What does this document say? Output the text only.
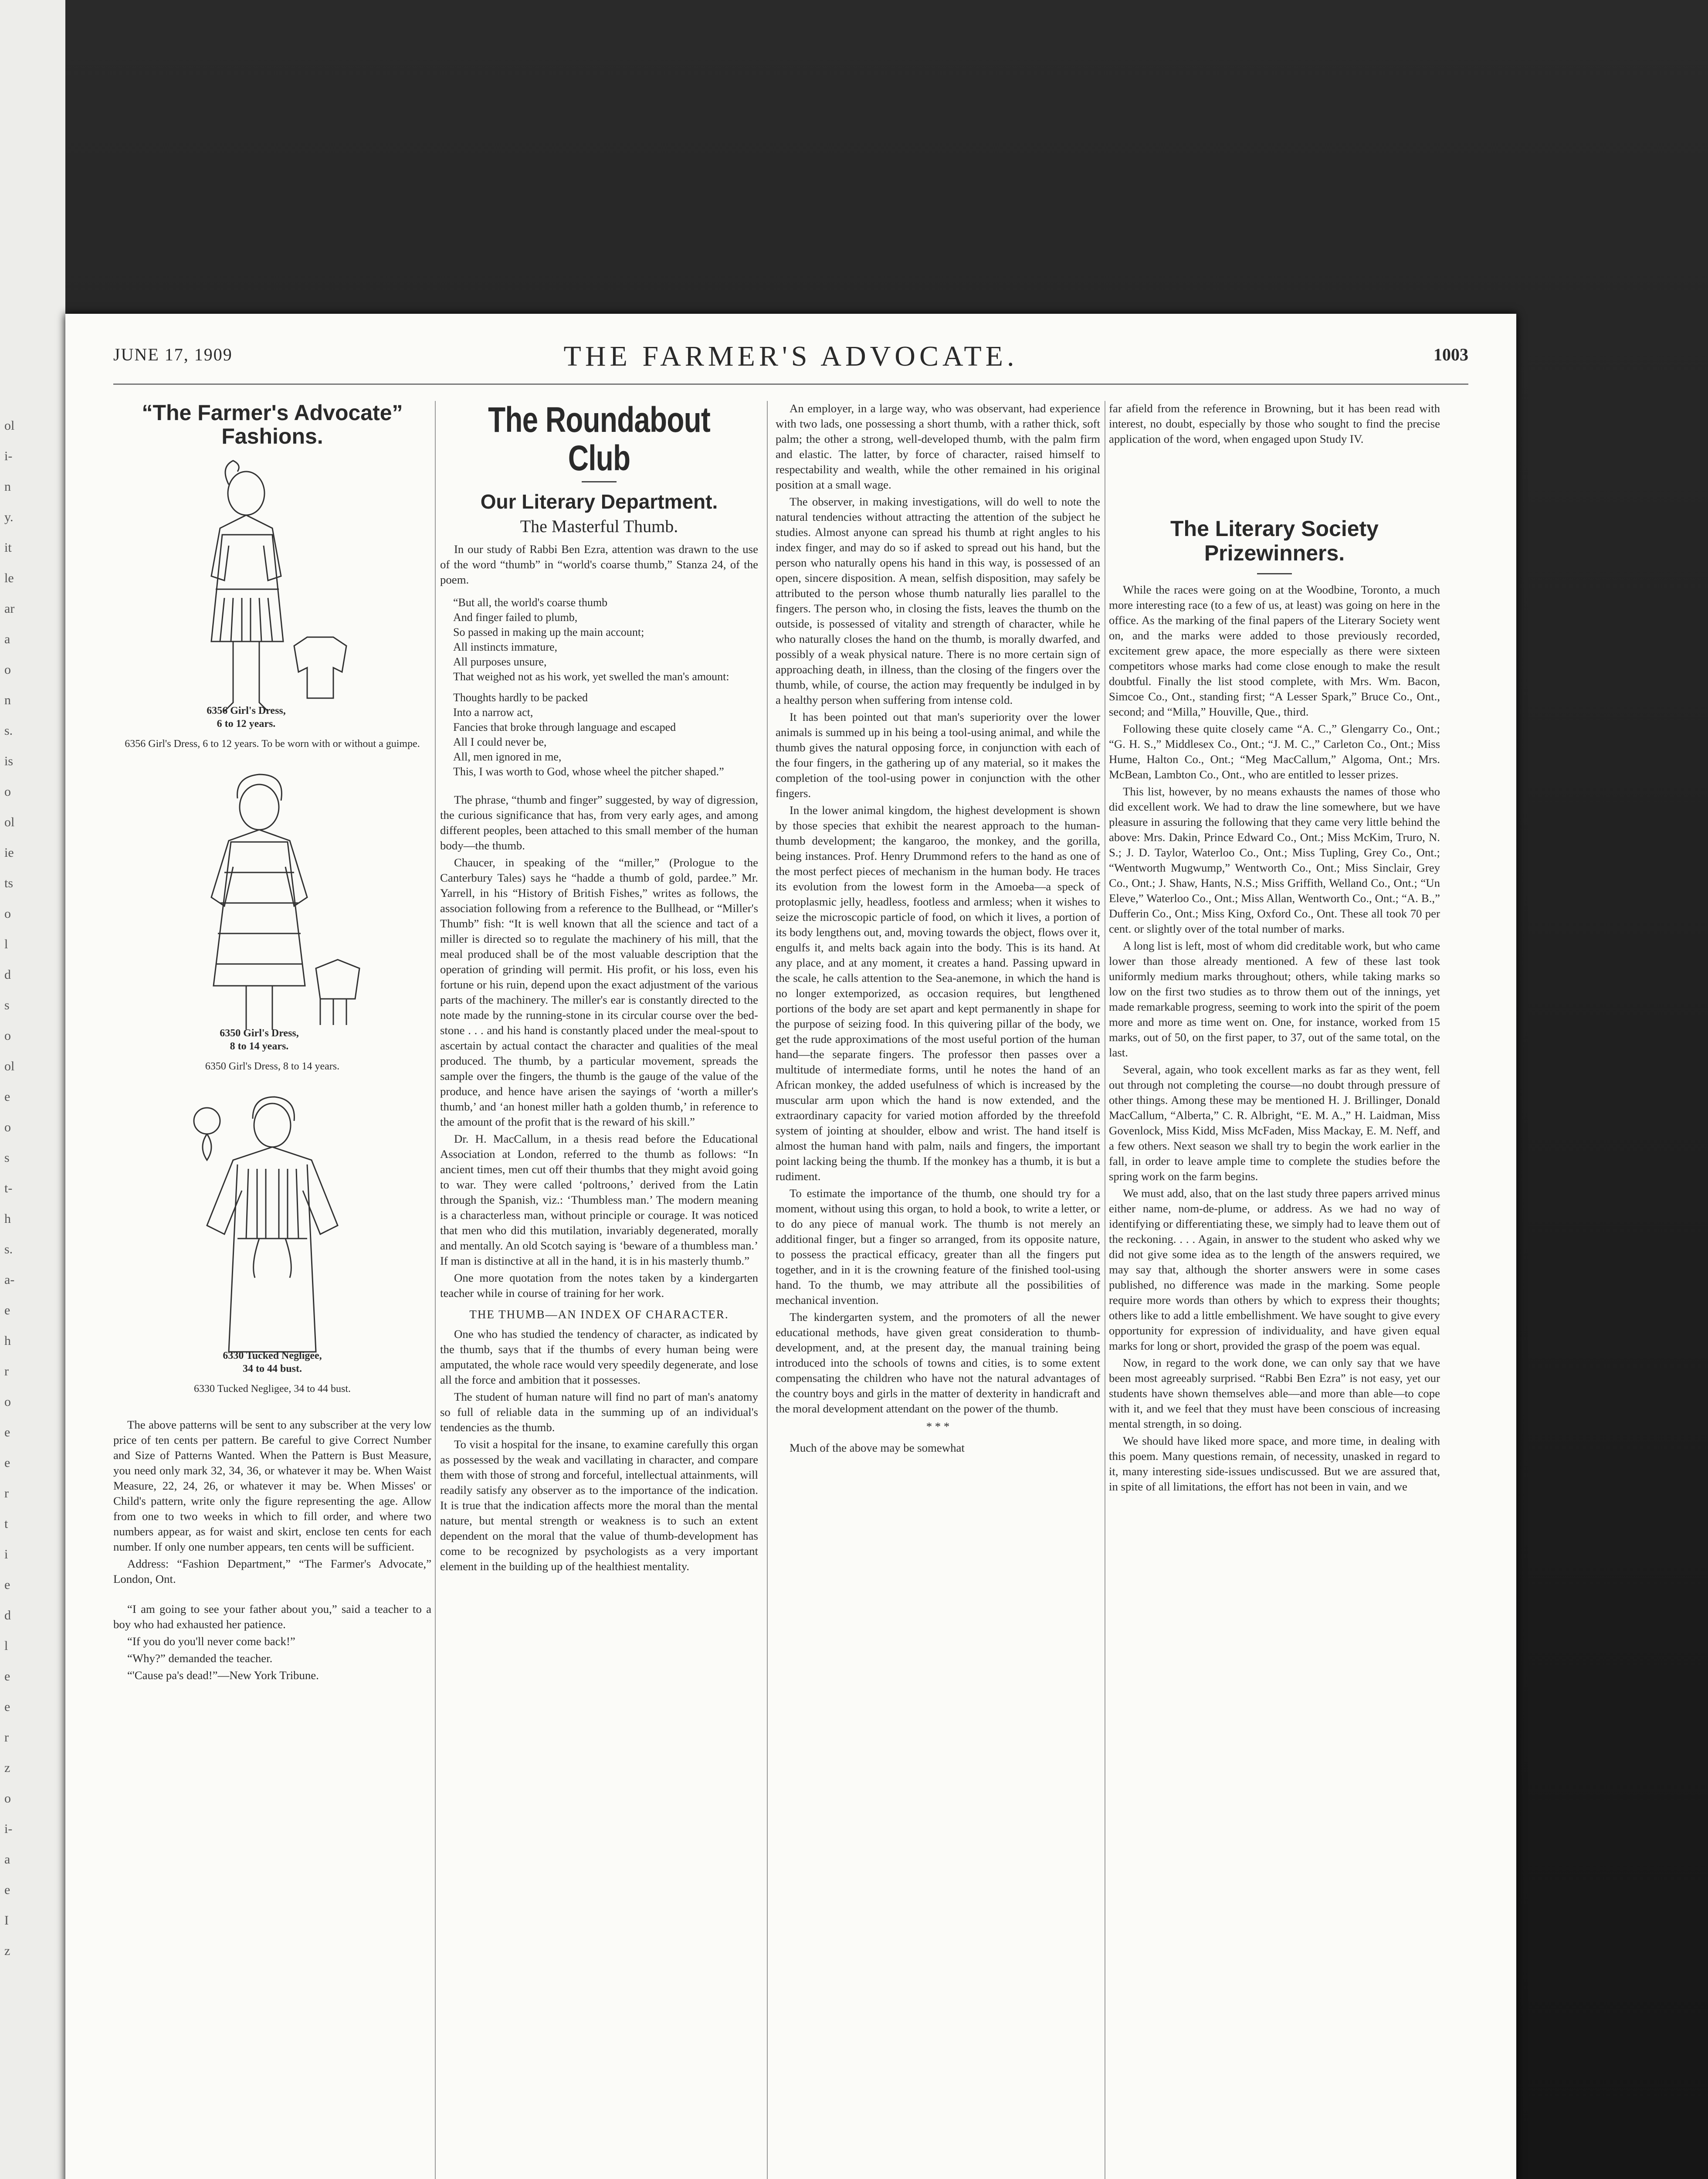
ol
i-
n
y.
it
le
ar
a
o
n
s.
is
o
ol
ie
ts
o
l
d
s
o
ol
e
o
s
t-
h
s.
a-
e
h
r
o
e
e
r
t
i
e
d
l
e
e
r
z
o
i-
a
e
I
z
JUNE 17, 1909	THE FARMER'S ADVOCATE.	1003
“The Farmer's Advocate” Fashions.
6356 Girl's Dress,
6 to 12 years.
6356 Girl's Dress, 6 to 12 years. To be worn with or without a guimpe.
6350 Girl's Dress,
8 to 14 years.
6350 Girl's Dress, 8 to 14 years.
6330 Tucked Negligee,
34 to 44 bust.
6330 Tucked Negligee, 34 to 44 bust.

The above patterns will be sent to any subscriber at the very low price of ten cents per pattern. Be careful to give Correct Number and Size of Patterns Wanted. When the Pattern is Bust Measure, you need only mark 32, 34, 36, or whatever it may be. When Waist Measure, 22, 24, 26, or whatever it may be. When Misses' or Child's pattern, write only the figure representing the age. Allow from one to two weeks in which to fill order, and where two numbers appear, as for waist and skirt, enclose ten cents for each number. If only one number appears, ten cents will be sufficient.

Address: “Fashion Department,” “The Farmer's Advocate,” London, Ont.

“I am going to see your father about you,” said a teacher to a boy who had exhausted her patience.

“If you do you'll never come back!”

“Why?” demanded the teacher.

“'Cause pa's dead!”—New York Tribune.

The Roundabout Club
Our Literary Department.
The Masterful Thumb.

In our study of Rabbi Ben Ezra, attention was drawn to the use of the word “thumb” in “world's coarse thumb,” Stanza 24, of the poem.

“But all, the world's coarse thumb
And finger failed to plumb,
So passed in making up the main account;
All instincts immature,
All purposes unsure,
That weighed not as his work, yet swelled the man's amount:
Thoughts hardly to be packed
Into a narrow act,
Fancies that broke through language and escaped
All I could never be,
All, men ignored in me,
This, I was worth to God, whose wheel the pitcher shaped.”

The phrase, “thumb and finger” suggested, by way of digression, the curious significance that has, from very early ages, and among different peoples, been attached to this small member of the human body—the thumb.

Chaucer, in speaking of the “miller,” (Prologue to the Canterbury Tales) says he “hadde a thumb of gold, pardee.” Mr. Yarrell, in his “History of British Fishes,” writes as follows, the association following from a reference to the Bullhead, or “Miller's Thumb” fish: “It is well known that all the science and tact of a miller is directed so to regulate the machinery of his mill, that the meal produced shall be of the most valuable description that the operation of grinding will permit. His profit, or his loss, even his fortune or his ruin, depend upon the exact adjustment of the various parts of the machinery. The miller's ear is constantly directed to the note made by the running-stone in its circular course over the bed-stone . . . and his hand is constantly placed under the meal-spout to ascertain by actual contact the character and qualities of the meal produced. The thumb, by a particular movement, spreads the sample over the fingers, the thumb is the gauge of the value of the produce, and hence have arisen the sayings of ‘worth a miller's thumb,’ and ‘an honest miller hath a golden thumb,’ in reference to the amount of the profit that is the reward of his skill.”

Dr. H. MacCallum, in a thesis read before the Educational Association at London, referred to the thumb as follows: “In ancient times, men cut off their thumbs that they might avoid going to war. They were called ‘poltroons,’ derived from the Latin through the Spanish, viz.: ‘Thumbless man.’ The modern meaning is a characterless man, without principle or courage. It was noticed that men who did this mutilation, invariably degenerated, morally and mentally. An old Scotch saying is ‘beware of a thumbless man.’ If man is distinctive at all in the hand, it is in his masterly thumb.”

One more quotation from the notes taken by a kindergarten teacher while in course of training for her work.

THE THUMB—AN INDEX OF CHARACTER.

One who has studied the tendency of character, as indicated by the thumb, says that if the thumbs of every human being were amputated, the whole race would very speedily degenerate, and lose all the force and ambition that it possesses.

The student of human nature will find no part of man's anatomy so full of reliable data in the summing up of an individual's tendencies as the thumb.

To visit a hospital for the insane, to examine carefully this organ as possessed by the weak and vacillating in character, and compare them with those of strong and forceful, intellectual attainments, will readily satisfy any observer as to the importance of the indication. It is true that the indication affects more the moral than the mental nature, but mental strength or weakness is to such an extent dependent on the moral that the value of thumb-development has come to be recognized by psychologists as a very important element in the building up of the healthiest mentality.

An employer, in a large way, who was observant, had experience with two lads, one possessing a short thumb, with a rather thick, soft palm; the other a strong, well-developed thumb, with the palm firm and elastic. The latter, by force of character, raised himself to respectability and wealth, while the other remained in his original position at a small wage.

The observer, in making investigations, will do well to note the natural tendencies without attracting the attention of the subject he studies. Almost anyone can spread his thumb at right angles to his index finger, and may do so if asked to spread out his hand, but the person who naturally opens his hand in this way, is possessed of an open, sincere disposition. A mean, selfish disposition, may safely be attributed to the person whose thumb naturally lies parallel to the fingers. The person who, in closing the fists, leaves the thumb on the outside, is possessed of vitality and strength of character, while he who naturally closes the hand on the thumb, is morally dwarfed, and possibly of a weak physical nature. There is no more certain sign of approaching death, in illness, than the closing of the fingers over the thumb, while, of course, the action may frequently be indulged in by a healthy person when suffering from intense cold.

It has been pointed out that man's superiority over the lower animals is summed up in his being a tool-using animal, and while the thumb gives the natural opposing force, in conjunction with each of the four fingers, in the gathering up of any material, so it makes the completion of the tool-using power in conjunction with the other fingers.

In the lower animal kingdom, the highest development is shown by those species that exhibit the nearest approach to the human-thumb development; the kangaroo, the monkey, and the gorilla, being instances. Prof. Henry Drummond refers to the hand as one of the most perfect pieces of mechanism in the human body. He traces its evolution from the lowest form in the Amoeba—a speck of protoplasmic jelly, headless, footless and armless; when it wishes to seize the microscopic particle of food, on which it lives, a portion of its body lengthens out, and, moving towards the object, flows over it, engulfs it, and melts back again into the body. This is its hand. At any place, and at any moment, it creates a hand. Passing upward in the scale, he calls attention to the Sea-anemone, in which the hand is no longer extemporized, as occasion requires, but lengthened portions of the body are set apart and kept permanently in shape for the purpose of seizing food. In this quivering pillar of the body, we get the rude approximations of the most useful portion of the human hand—the separate fingers. The professor then passes over a multitude of intermediate forms, until he notes the hand of an African monkey, the added usefulness of which is increased by the muscular arm upon which the hand is now extended, and the extraordinary capacity for varied motion afforded by the threefold system of jointing at shoulder, elbow and wrist. The hand itself is almost the human hand with palm, nails and fingers, the important point lacking being the thumb. If the monkey has a thumb, it is but a rudiment.

To estimate the importance of the thumb, one should try for a moment, without using this organ, to hold a book, to write a letter, or to do any piece of manual work. The thumb is not merely an additional finger, but a finger so arranged, from its opposite nature, to possess the practical efficacy, greater than all the fingers put together, and in it is the crowning feature of the finished tool-using hand. To the thumb, we may attribute all the possibilities of mechanical invention.

The kindergarten system, and the promoters of all the newer educational methods, have given great consideration to thumb-development, and, at the present day, the manual training being introduced into the schools of towns and cities, is to some extent compensating the children who have not the natural advantages of the country boys and girls in the matter of dexterity in handicraft and the moral development attendant on the power of the thumb.

* * *

Much of the above may be somewhat

far afield from the reference in Browning, but it has been read with interest, no doubt, especially by those who sought to find the precise application of the word, when engaged upon Study IV.

The Literary Society Prizewinners.

While the races were going on at the Woodbine, Toronto, a much more interesting race (to a few of us, at least) was going on here in the office. As the marking of the final papers of the Literary Society went on, and the marks were added to those previously recorded, excitement grew apace, the more especially as there were sixteen competitors whose marks had come close enough to make the result doubtful. Finally the list stood complete, with Mrs. Wm. Bacon, Simcoe Co., Ont., standing first; “A Lesser Spark,” Bruce Co., Ont., second; and “Milla,” Houville, Que., third.

Following these quite closely came “A. C.,” Glengarry Co., Ont.; “G. H. S.,” Middlesex Co., Ont.; “J. M. C.,” Carleton Co., Ont.; Miss Hume, Halton Co., Ont.; “Meg MacCallum,” Algoma, Ont.; Mrs. McBean, Lambton Co., Ont., who are entitled to lesser prizes.

This list, however, by no means exhausts the names of those who did excellent work. We had to draw the line somewhere, but we have pleasure in assuring the following that they came very little behind the above: Mrs. Dakin, Prince Edward Co., Ont.; Miss McKim, Truro, N. S.; J. D. Taylor, Waterloo Co., Ont.; Miss Tupling, Grey Co., Ont.; “Wentworth Mugwump,” Wentworth Co., Ont.; Miss Sinclair, Grey Co., Ont.; J. Shaw, Hants, N.S.; Miss Griffith, Welland Co., Ont.; “Un Eleve,” Waterloo Co., Ont.; Miss Allan, Wentworth Co., Ont.; “A. B.,” Dufferin Co., Ont.; Miss King, Oxford Co., Ont. These all took 70 per cent. or slightly over of the total number of marks.

A long list is left, most of whom did creditable work, but who came lower than those already mentioned. A few of these last took uniformly medium marks throughout; others, while taking marks so low on the first two studies as to throw them out of the innings, yet made remarkable progress, seeming to work into the spirit of the poem more and more as time went on. One, for instance, worked from 15 marks, out of 50, on the first paper, to 37, out of the same total, on the last.

Several, again, who took excellent marks as far as they went, fell out through not completing the course—no doubt through pressure of other things. Among these may be mentioned H. J. Brillinger, Donald MacCallum, “Alberta,” C. R. Albright, “E. M. A.,” H. Laidman, Miss Govenlock, Miss Kidd, Miss McFaden, Miss Mackay, E. M. Neff, and a few others. Next season we shall try to begin the work earlier in the fall, in order to leave ample time to complete the studies before the spring work on the farm begins.

We must add, also, that on the last study three papers arrived minus either name, nom-de-plume, or address. As we had no way of identifying or differentiating these, we simply had to leave them out of the reckoning. . . . Again, in answer to the student who asked why we did not give some idea as to the length of the answers required, we may say that, although the shorter answers were in some cases published, no difference was made in the marking. Some people require more words than others by which to express their thoughts; others like to add a little embellishment. We have sought to give every opportunity for expression of individuality, and have given equal marks for long or short, provided the grasp of the poem was equal.

Now, in regard to the work done, we can only say that we have been most agreeably surprised. “Rabbi Ben Ezra” is not easy, yet our students have shown themselves able—and more than able—to cope with it, and we feel that they must have been conscious of increasing mental strength, in so doing.

We should have liked more space, and more time, in dealing with this poem. Many questions remain, of necessity, unasked in regard to it, many interesting side-issues undiscussed. But we are assured that, in spite of all limitations, the effort has not been in vain, and we
